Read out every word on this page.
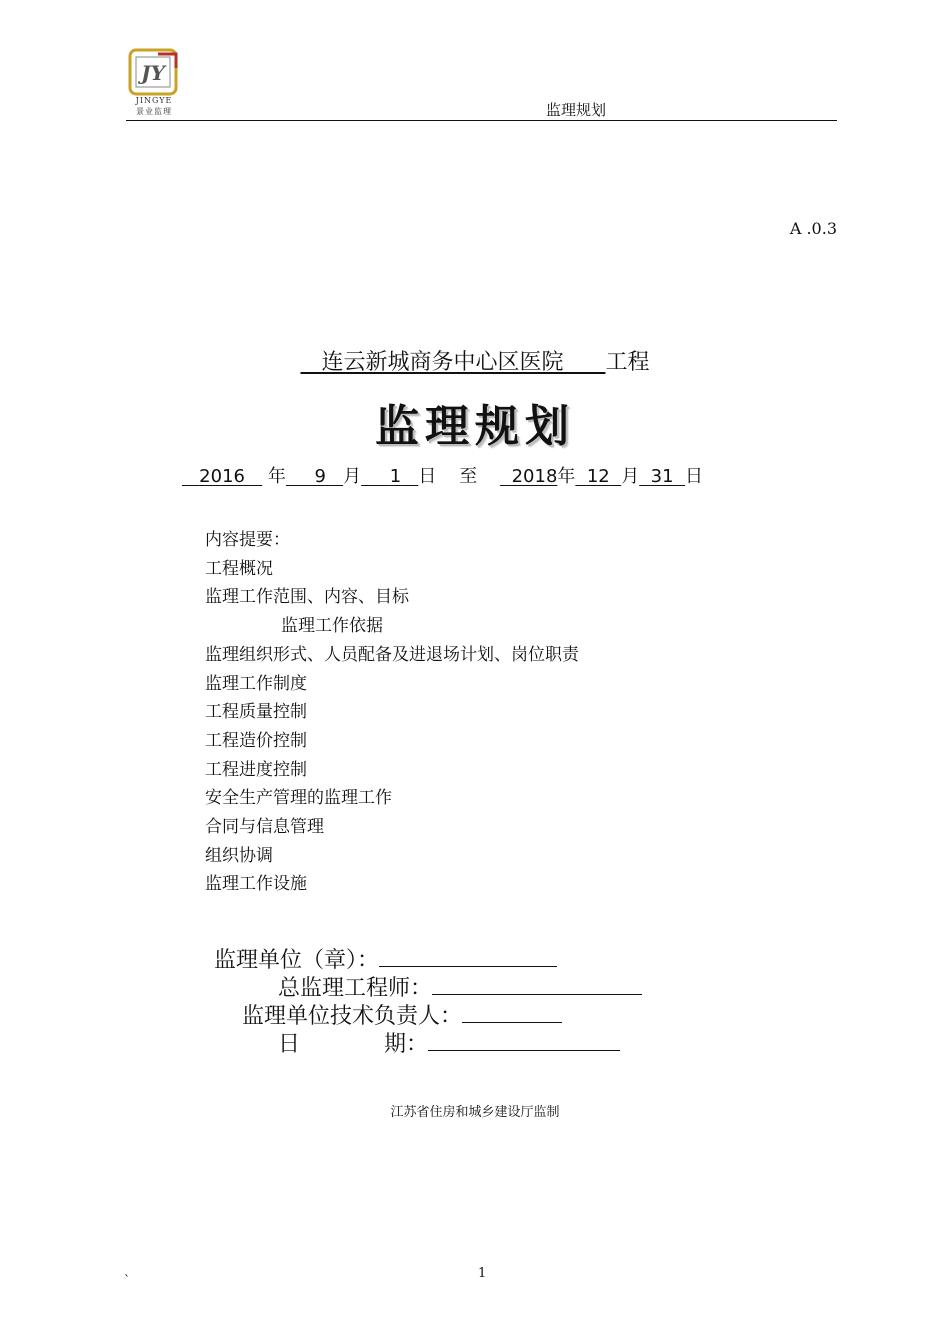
JY
JINGYE
景业监理	监理规划
A .0.3
连云新城商务中心区医院 工程
监理规划
2016 年 9 月 1 日 至 2018年 12 月 31 日
内容提要：
工程概况
监理工作范围、内容、目标
监理工作依据
监理组织形式、人员配备及进退场计划、岗位职责
监理工作制度
工程质量控制
工程造价控制
工程进度控制
安全生产管理的监理工作
合同与信息管理
组织协调
监理工作设施

监理单位（章）：

总监理工程师：

监理单位技术负责人：

日	期：

江苏省住房和城乡建设厅监制
1
`
